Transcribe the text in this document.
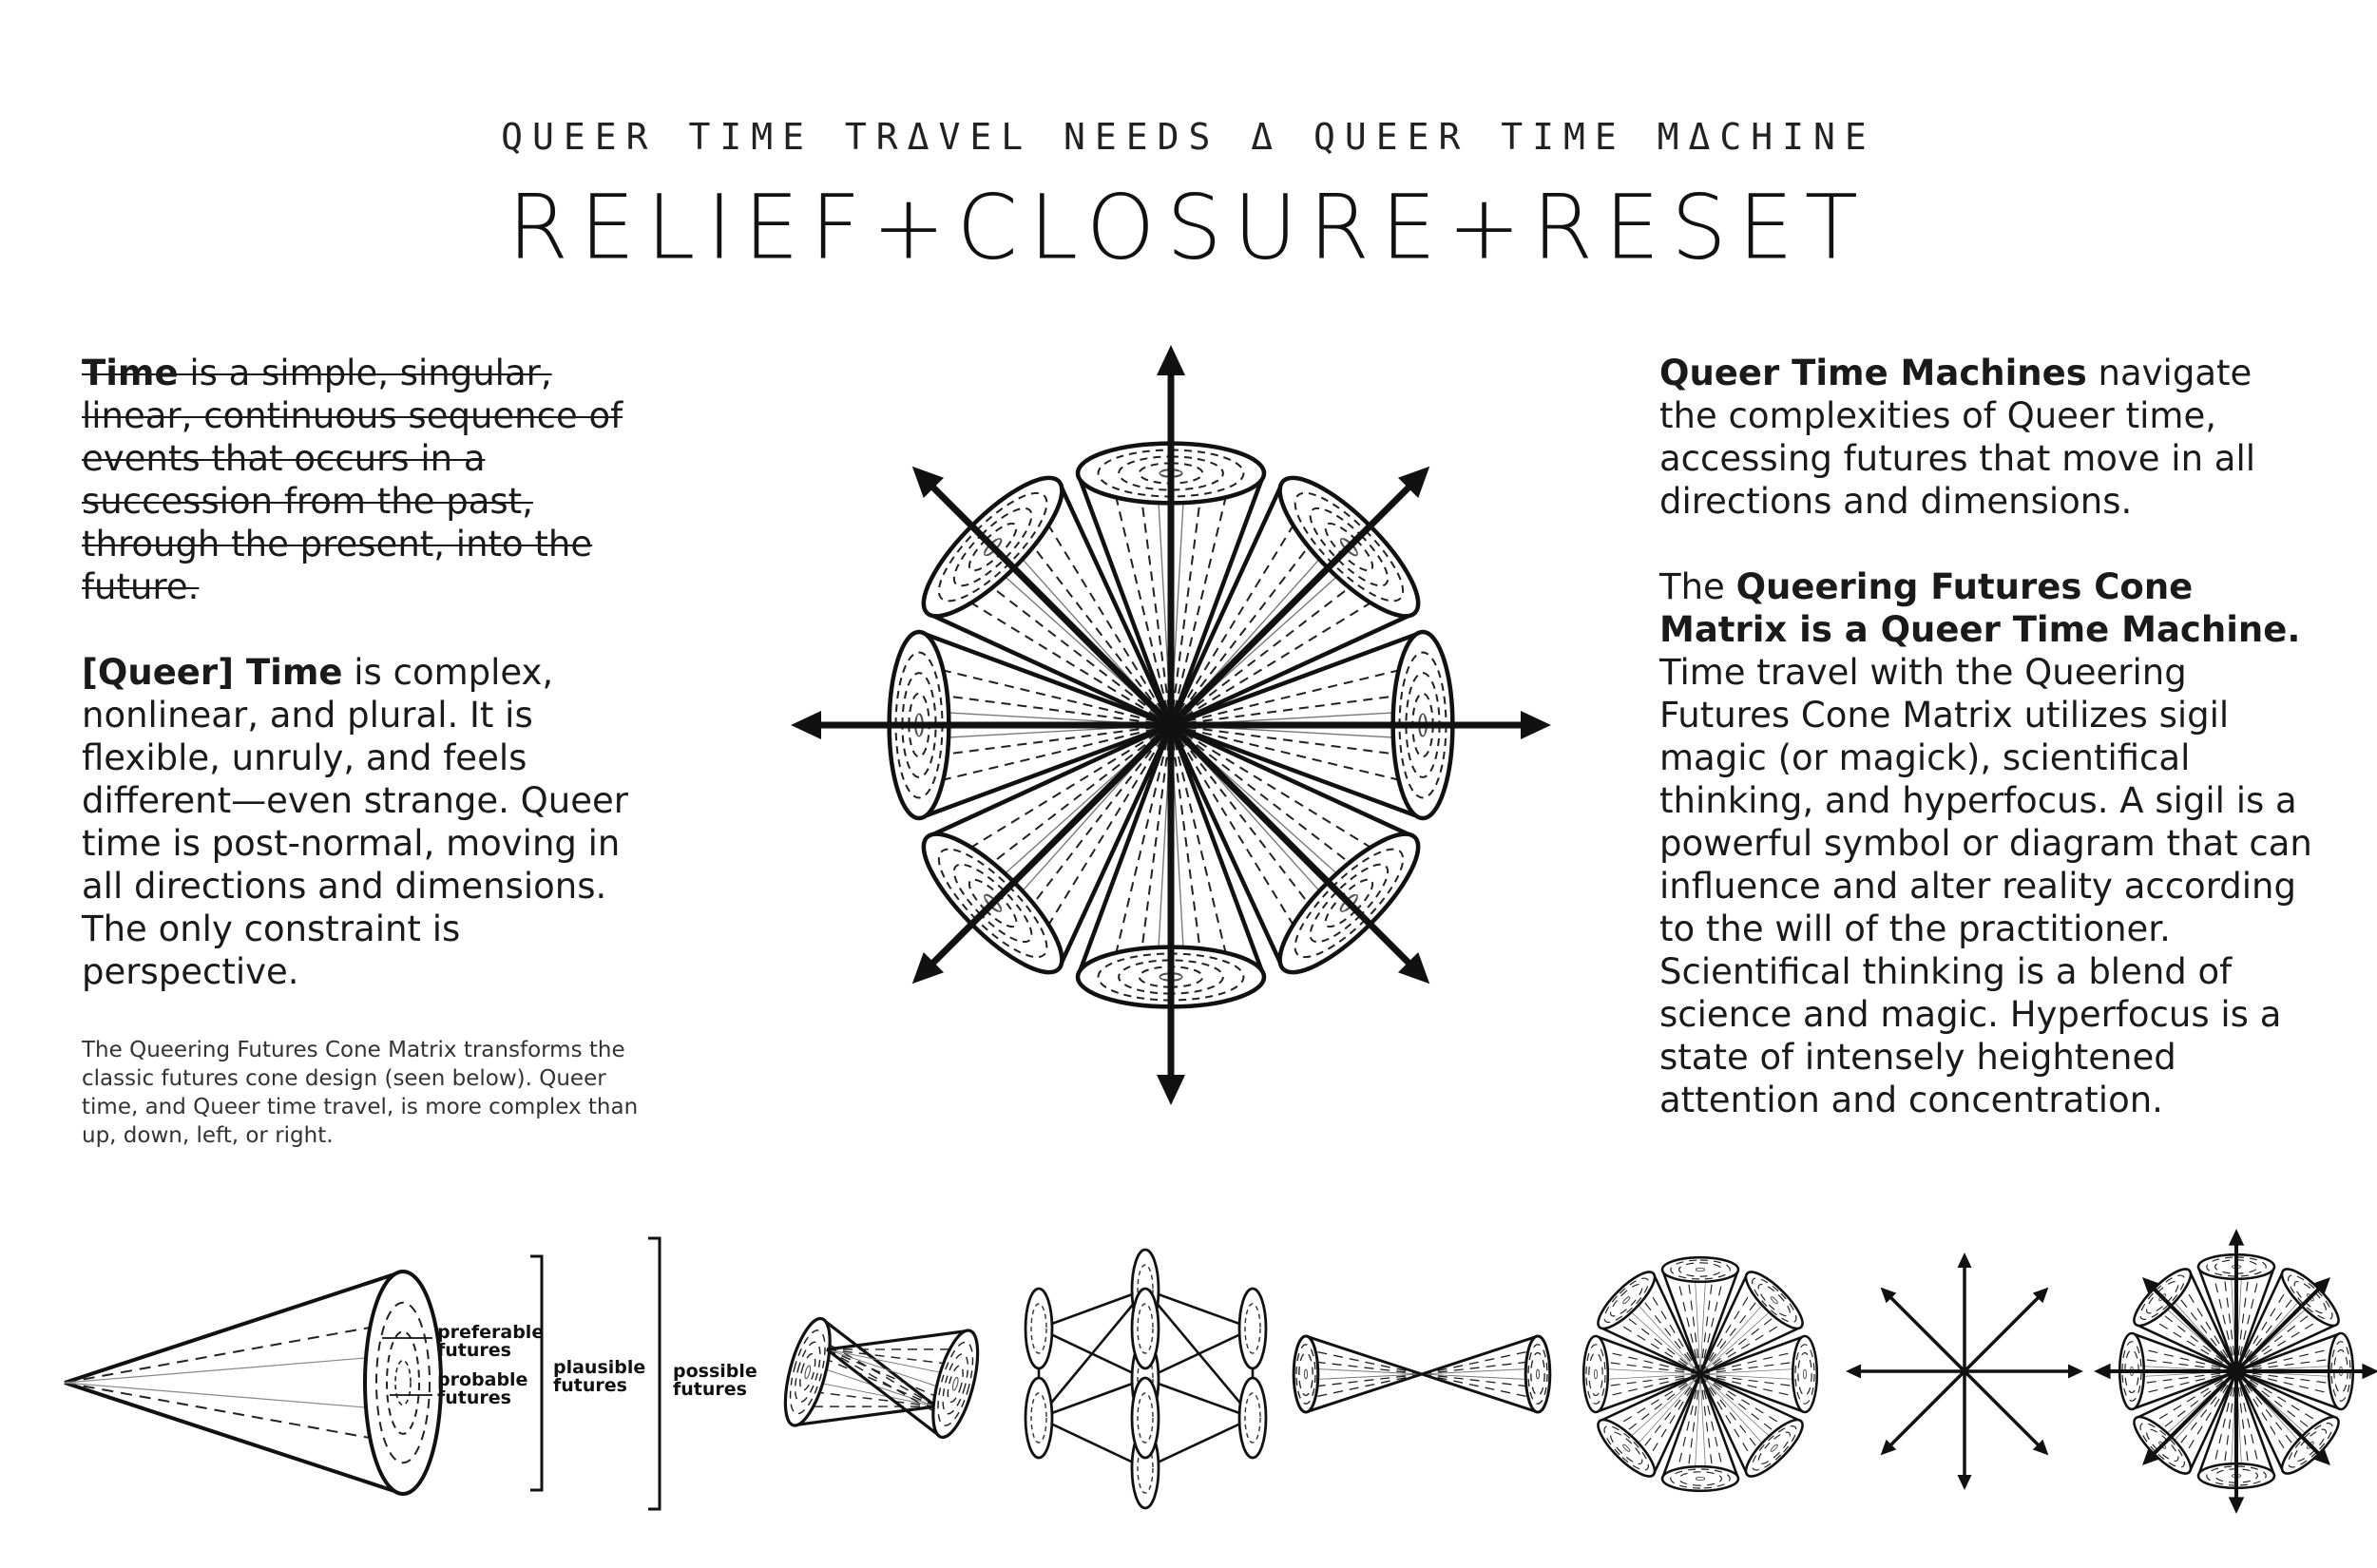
QUEER TIME TRΔVEL NEEDS Δ QUEER TIME MΔCHINE
RELIEF+CLOSURE+RESET

Time is a simple, singular, linear, continuous sequence of events that occurs in a succession from the past, through the present, into the future.

[Queer] Time is complex, nonlinear, and plural. It is flexible, unruly, and feels different—even strange. Queer time is post-normal, moving in all directions and dimensions. The only constraint is perspective.

The Queering Futures Cone Matrix transforms the classic futures cone design (seen below). Queer time, and Queer time travel, is more complex than up, down, left, or right.

Queer Time Machines navigate the complexities of Queer time, accessing futures that move in all directions and dimensions.

The Queering Futures Cone Matrix is a Queer Time Machine. Time travel with the Queering Futures Cone Matrix utilizes sigil magic (or magick), scientifical thinking, and hyperfocus. A sigil is a powerful symbol or diagram that can influence and alter reality according to the will of the practitioner. Scientifical thinking is a blend of science and magic. Hyperfocus is a state of intensely heightened attention and concentration.

preferable
futures
probable
futures
plausible
futures
possible
futures
